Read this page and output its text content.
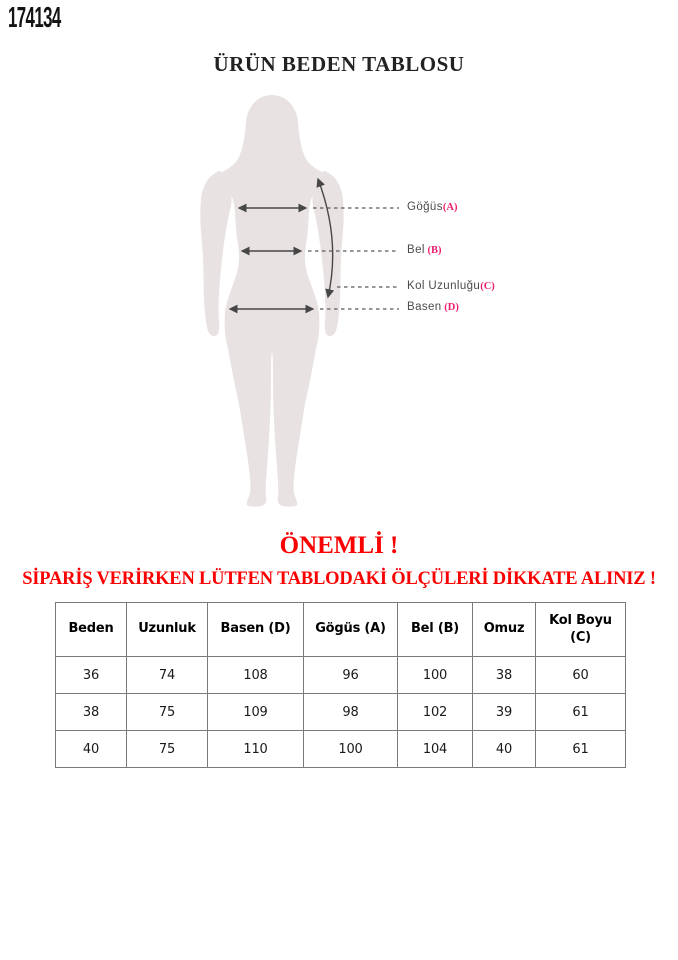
174134
ÜRÜN BEDEN TABLOSU
Göğüs(A)
Bel (B)
Kol Uzunluğu(C)
Basen (D)
ÖNEMLİ !
SİPARİŞ VERİRKEN LÜTFEN TABLODAKİ ÖLÇÜLERİ DİKKATE ALINIZ !
Beden	Uzunluk	Basen (D)	Gögüs (A)	Bel (B)	Omuz	Kol Boyu (C)
36	74	108	96	100	38	60
38	75	109	98	102	39	61
40	75	110	100	104	40	61
